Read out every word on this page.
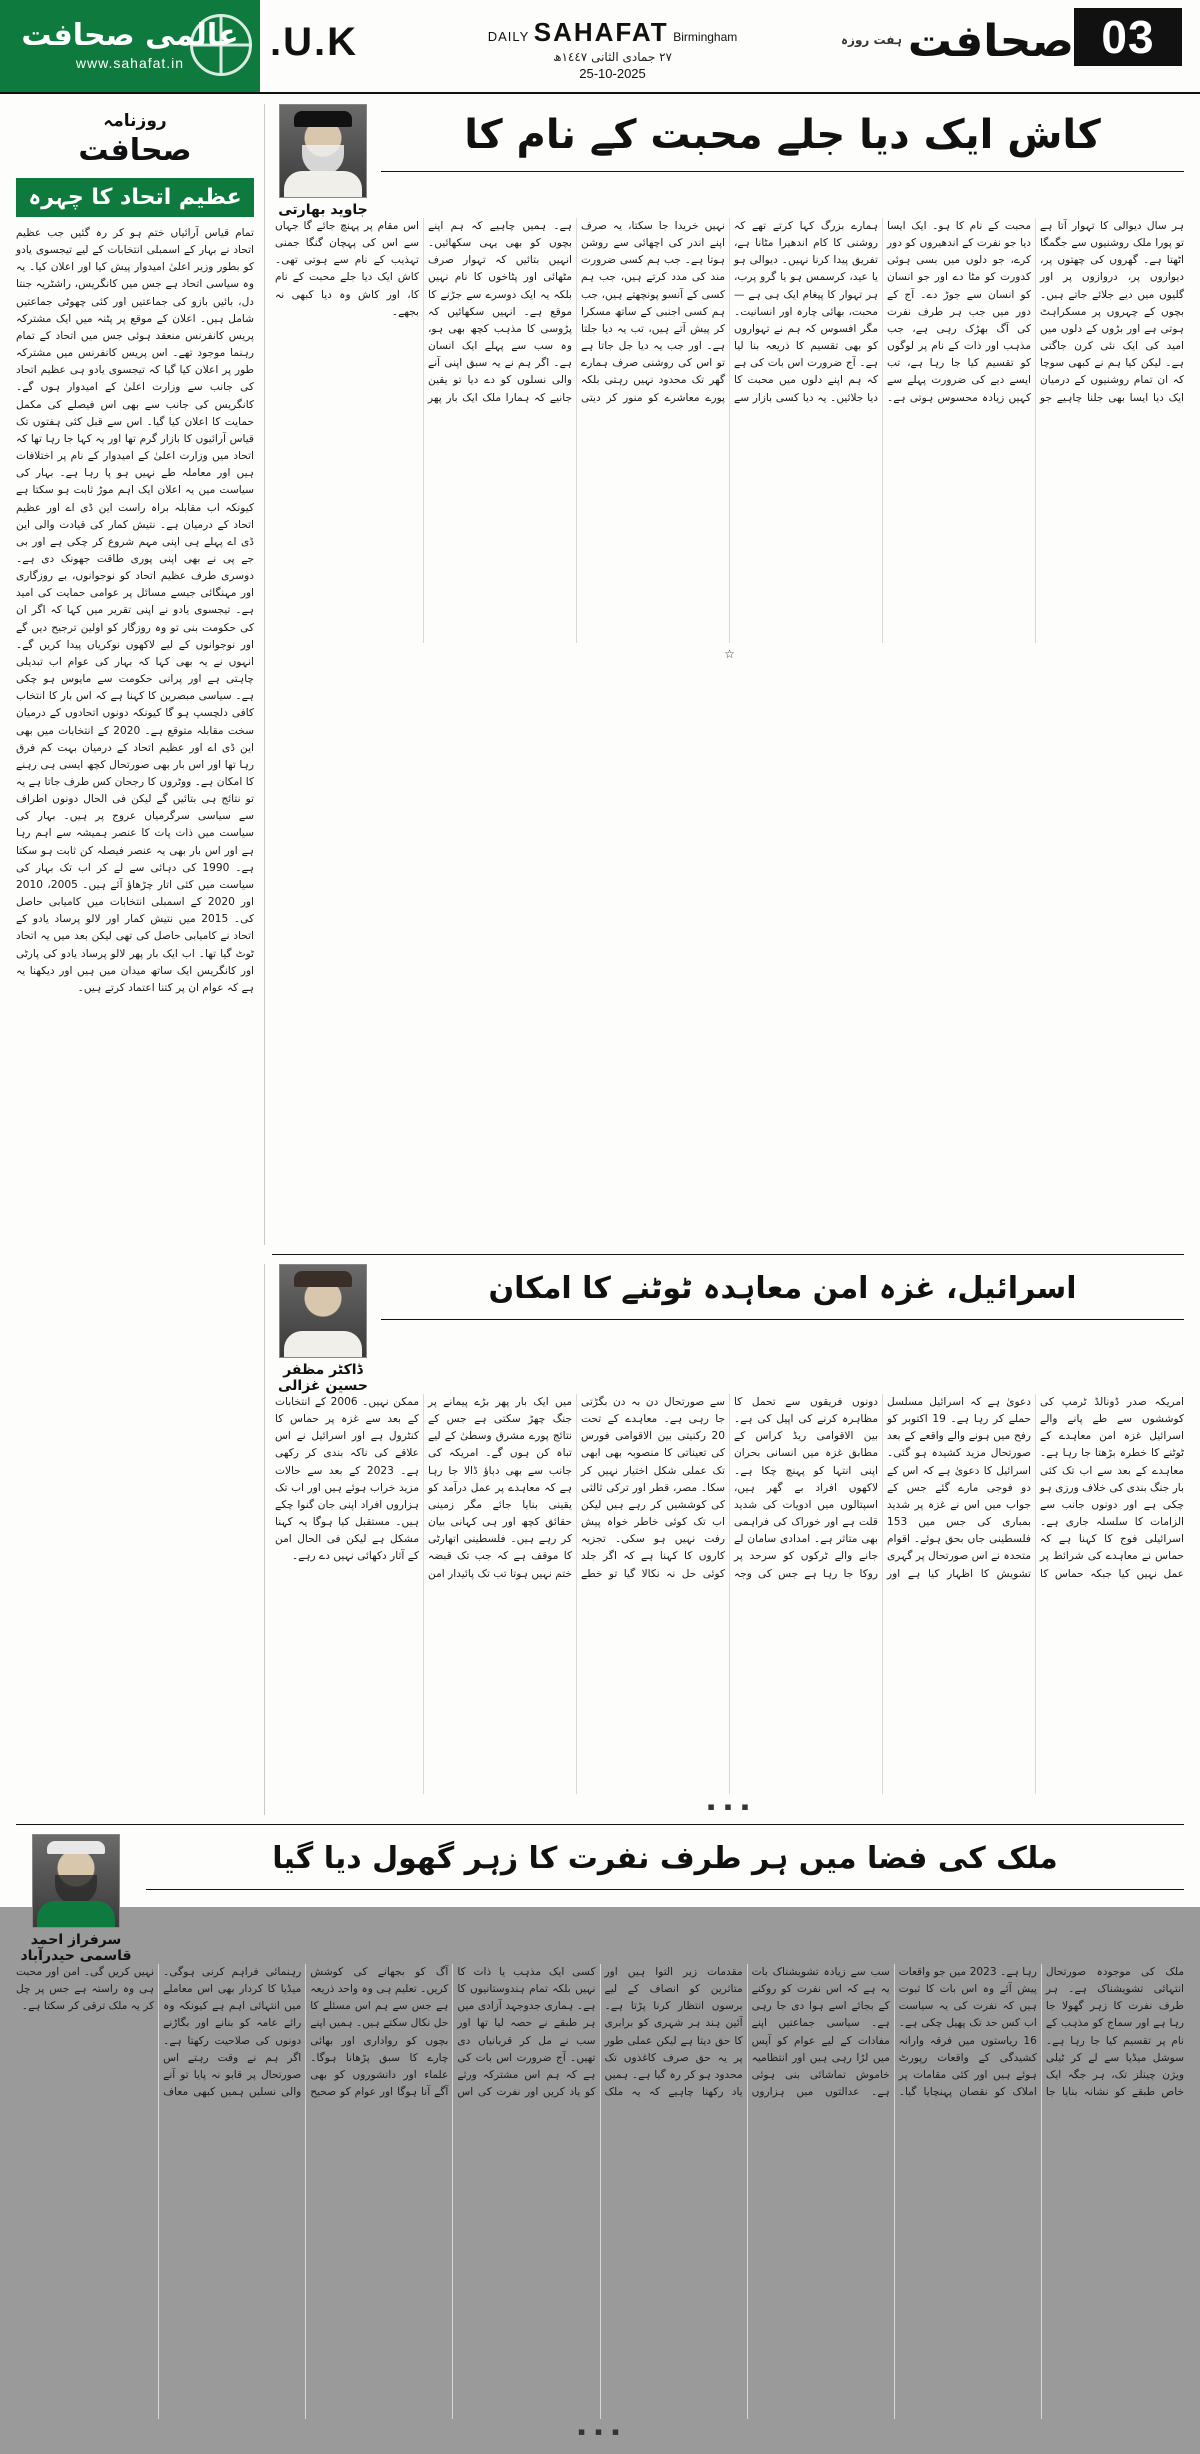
03
صحافت
ہفت روزہ
DAILY SAHAFAT Birmingham
٢٧ جمادی الثانی ١٤٤٧ھ
25-10-2025
U.K.
عالمی صحافت
www.sahafat.in
کاش ایک دیا جلے محبت کے نام کا
جاوید بھارتی
ہر سال دیوالی کا تہوار آتا ہے تو پورا ملک روشنیوں سے جگمگا اٹھتا ہے۔ گھروں کی چھتوں پر، دیواروں پر، دروازوں پر اور گلیوں میں دیے جلائے جاتے ہیں۔ بچوں کے چہروں پر مسکراہٹ ہوتی ہے اور بڑوں کے دلوں میں امید کی ایک نئی کرن جاگتی ہے۔ لیکن کیا ہم نے کبھی سوچا کہ ان تمام روشنیوں کے درمیان ایک دیا ایسا بھی جلنا چاہیے جو محبت کے نام کا ہو۔ ایک ایسا دیا جو نفرت کے اندھیروں کو دور کرے، جو دلوں میں بسی ہوئی کدورت کو مٹا دے اور جو انسان کو انسان سے جوڑ دے۔ آج کے دور میں جب ہر طرف نفرت کی آگ بھڑک رہی ہے، جب مذہب اور ذات کے نام پر لوگوں کو تقسیم کیا جا رہا ہے، تب ایسے دیے کی ضرورت پہلے سے کہیں زیادہ محسوس ہوتی ہے۔ ہمارے بزرگ کہا کرتے تھے کہ روشنی کا کام اندھیرا مٹانا ہے، تفریق پیدا کرنا نہیں۔ دیوالی ہو یا عید، کرسمس ہو یا گرو پرب، ہر تہوار کا پیغام ایک ہی ہے — محبت، بھائی چارہ اور انسانیت۔ مگر افسوس کہ ہم نے تہواروں کو بھی تقسیم کا ذریعہ بنا لیا ہے۔ آج ضرورت اس بات کی ہے کہ ہم اپنے دلوں میں محبت کا دیا جلائیں۔ یہ دیا کسی بازار سے نہیں خریدا جا سکتا، یہ صرف اپنے اندر کی اچھائی سے روشن ہوتا ہے۔ جب ہم کسی ضرورت مند کی مدد کرتے ہیں، جب ہم کسی کے آنسو پونچھتے ہیں، جب ہم کسی اجنبی کے ساتھ مسکرا کر پیش آتے ہیں، تب یہ دیا جلتا ہے۔ اور جب یہ دیا جل جاتا ہے تو اس کی روشنی صرف ہمارے گھر تک محدود نہیں رہتی بلکہ پورے معاشرے کو منور کر دیتی ہے۔ ہمیں چاہیے کہ ہم اپنے بچوں کو بھی یہی سکھائیں۔ انہیں بتائیں کہ تہوار صرف مٹھائی اور پٹاخوں کا نام نہیں بلکہ یہ ایک دوسرے سے جڑنے کا موقع ہے۔ انہیں سکھائیں کہ پڑوسی کا مذہب کچھ بھی ہو، وہ سب سے پہلے ایک انسان ہے۔ اگر ہم نے یہ سبق اپنی آنے والی نسلوں کو دے دیا تو یقین جانیے کہ ہمارا ملک ایک بار پھر اس مقام پر پہنچ جائے گا جہاں سے اس کی پہچان گنگا جمنی تہذیب کے نام سے ہوتی تھی۔ کاش ایک دیا جلے محبت کے نام کا، اور کاش وہ دیا کبھی نہ بجھے۔
☆
روزنامہ
صحافت
عظیم اتحاد کا چہرہ
تمام قیاس آرائیاں ختم ہو کر رہ گئیں جب عظیم اتحاد نے بہار کے اسمبلی انتخابات کے لیے تیجسوی یادو کو بطور وزیر اعلیٰ امیدوار پیش کیا اور اعلان کیا۔ یہ وہ سیاسی اتحاد ہے جس میں کانگریس، راشٹریہ جنتا دل، بائیں بازو کی جماعتیں اور کئی چھوٹی جماعتیں شامل ہیں۔ اعلان کے موقع پر پٹنہ میں ایک مشترکہ پریس کانفرنس منعقد ہوئی جس میں اتحاد کے تمام رہنما موجود تھے۔ اس پریس کانفرنس میں مشترکہ طور پر اعلان کیا گیا کہ تیجسوی یادو ہی عظیم اتحاد کی جانب سے وزارت اعلیٰ کے امیدوار ہوں گے۔ کانگریس کی جانب سے بھی اس فیصلے کی مکمل حمایت کا اعلان کیا گیا۔ اس سے قبل کئی ہفتوں تک قیاس آرائیوں کا بازار گرم تھا اور یہ کہا جا رہا تھا کہ اتحاد میں وزارت اعلیٰ کے امیدوار کے نام پر اختلافات ہیں اور معاملہ طے نہیں ہو پا رہا ہے۔ بہار کی سیاست میں یہ اعلان ایک اہم موڑ ثابت ہو سکتا ہے کیونکہ اب مقابلہ براہ راست این ڈی اے اور عظیم اتحاد کے درمیان ہے۔ نتیش کمار کی قیادت والی این ڈی اے پہلے ہی اپنی مہم شروع کر چکی ہے اور بی جے پی نے بھی اپنی پوری طاقت جھونک دی ہے۔ دوسری طرف عظیم اتحاد کو نوجوانوں، بے روزگاری اور مہنگائی جیسے مسائل پر عوامی حمایت کی امید ہے۔ تیجسوی یادو نے اپنی تقریر میں کہا کہ اگر ان کی حکومت بنی تو وہ روزگار کو اولین ترجیح دیں گے اور نوجوانوں کے لیے لاکھوں نوکریاں پیدا کریں گے۔ انہوں نے یہ بھی کہا کہ بہار کی عوام اب تبدیلی چاہتی ہے اور پرانی حکومت سے مایوس ہو چکی ہے۔ سیاسی مبصرین کا کہنا ہے کہ اس بار کا انتخاب کافی دلچسپ ہو گا کیونکہ دونوں اتحادوں کے درمیان سخت مقابلہ متوقع ہے۔ 2020 کے انتخابات میں بھی این ڈی اے اور عظیم اتحاد کے درمیان بہت کم فرق رہا تھا اور اس بار بھی صورتحال کچھ ایسی ہی رہنے کا امکان ہے۔ ووٹروں کا رجحان کس طرف جاتا ہے یہ تو نتائج ہی بتائیں گے لیکن فی الحال دونوں اطراف سے سیاسی سرگرمیاں عروج پر ہیں۔ بہار کی سیاست میں ذات پات کا عنصر ہمیشہ سے اہم رہا ہے اور اس بار بھی یہ عنصر فیصلہ کن ثابت ہو سکتا ہے۔ 1990 کی دہائی سے لے کر اب تک بہار کی سیاست میں کئی اتار چڑھاؤ آئے ہیں۔ 2005، 2010 اور 2020 کے اسمبلی انتخابات میں کامیابی حاصل کی۔ 2015 میں نتیش کمار اور لالو پرساد یادو کے اتحاد نے کامیابی حاصل کی تھی لیکن بعد میں یہ اتحاد ٹوٹ گیا تھا۔ اب ایک بار پھر لالو پرساد یادو کی پارٹی اور کانگریس ایک ساتھ میدان میں ہیں اور دیکھنا یہ ہے کہ عوام ان پر کتنا اعتماد کرتے ہیں۔
اسرائیل، غزہ امن معاہدہ ٹوٹنے کا امکان
ڈاکٹر مظفر حسین غزالی
امریکہ صدر ڈونالڈ ٹرمپ کی کوششوں سے طے پانے والے اسرائیل غزہ امن معاہدے کے ٹوٹنے کا خطرہ بڑھتا جا رہا ہے۔ معاہدے کے بعد سے اب تک کئی بار جنگ بندی کی خلاف ورزی ہو چکی ہے اور دونوں جانب سے الزامات کا سلسلہ جاری ہے۔ اسرائیلی فوج کا کہنا ہے کہ حماس نے معاہدے کی شرائط پر عمل نہیں کیا جبکہ حماس کا دعویٰ ہے کہ اسرائیل مسلسل حملے کر رہا ہے۔ 19 اکتوبر کو رفح میں ہونے والے واقعے کے بعد صورتحال مزید کشیدہ ہو گئی۔ اسرائیل کا دعویٰ ہے کہ اس کے دو فوجی مارے گئے جس کے جواب میں اس نے غزہ پر شدید بمباری کی جس میں 153 فلسطینی جاں بحق ہوئے۔ اقوام متحدہ نے اس صورتحال پر گہری تشویش کا اظہار کیا ہے اور دونوں فریقوں سے تحمل کا مظاہرہ کرنے کی اپیل کی ہے۔ بین الاقوامی ریڈ کراس کے مطابق غزہ میں انسانی بحران اپنی انتہا کو پہنچ چکا ہے۔ لاکھوں افراد بے گھر ہیں، اسپتالوں میں ادویات کی شدید قلت ہے اور خوراک کی فراہمی بھی متاثر ہے۔ امدادی سامان لے جانے والے ٹرکوں کو سرحد پر روکا جا رہا ہے جس کی وجہ سے صورتحال دن بہ دن بگڑتی جا رہی ہے۔ معاہدے کے تحت 20 رکنیتی بین الاقوامی فورس کی تعیناتی کا منصوبہ بھی ابھی تک عملی شکل اختیار نہیں کر سکا۔ مصر، قطر اور ترکی ثالثی کی کوششیں کر رہے ہیں لیکن اب تک کوئی خاطر خواہ پیش رفت نہیں ہو سکی۔ تجزیہ کاروں کا کہنا ہے کہ اگر جلد کوئی حل نہ نکالا گیا تو خطے میں ایک بار پھر بڑے پیمانے پر جنگ چھڑ سکتی ہے جس کے نتائج پورے مشرق وسطیٰ کے لیے تباہ کن ہوں گے۔ امریکہ کی جانب سے بھی دباؤ ڈالا جا رہا ہے کہ معاہدے پر عمل درآمد کو یقینی بنایا جائے مگر زمینی حقائق کچھ اور ہی کہانی بیان کر رہے ہیں۔ فلسطینی اتھارٹی کا موقف ہے کہ جب تک قبضہ ختم نہیں ہوتا تب تک پائیدار امن ممکن نہیں۔ 2006 کے انتخابات کے بعد سے غزہ پر حماس کا کنٹرول ہے اور اسرائیل نے اس علاقے کی ناکہ بندی کر رکھی ہے۔ 2023 کے بعد سے حالات مزید خراب ہوئے ہیں اور اب تک ہزاروں افراد اپنی جان گنوا چکے ہیں۔ مستقبل کیا ہوگا یہ کہنا مشکل ہے لیکن فی الحال امن کے آثار دکھائی نہیں دے رہے۔
▪ ▪ ▪
ملک کی فضا میں ہر طرف نفرت کا زہر گھول دیا گیا
سرفراز احمد قاسمی حیدرآباد
ملک کی موجودہ صورتحال انتہائی تشویشناک ہے۔ ہر طرف نفرت کا زہر گھولا جا رہا ہے اور سماج کو مذہب کے نام پر تقسیم کیا جا رہا ہے۔ سوشل میڈیا سے لے کر ٹیلی ویژن چینلز تک، ہر جگہ ایک خاص طبقے کو نشانہ بنایا جا رہا ہے۔ 2023 میں جو واقعات پیش آئے وہ اس بات کا ثبوت ہیں کہ نفرت کی یہ سیاست اب کس حد تک پھیل چکی ہے۔ 16 ریاستوں میں فرقہ وارانہ کشیدگی کے واقعات رپورٹ ہوئے ہیں اور کئی مقامات پر املاک کو نقصان پہنچایا گیا۔ سب سے زیادہ تشویشناک بات یہ ہے کہ اس نفرت کو روکنے کے بجائے اسے ہوا دی جا رہی ہے۔ سیاسی جماعتیں اپنے مفادات کے لیے عوام کو آپس میں لڑا رہی ہیں اور انتظامیہ خاموش تماشائی بنی ہوئی ہے۔ عدالتوں میں ہزاروں مقدمات زیر التوا ہیں اور متاثرین کو انصاف کے لیے برسوں انتظار کرنا پڑتا ہے۔ آئین ہند ہر شہری کو برابری کا حق دیتا ہے لیکن عملی طور پر یہ حق صرف کاغذوں تک محدود ہو کر رہ گیا ہے۔ ہمیں یاد رکھنا چاہیے کہ یہ ملک کسی ایک مذہب یا ذات کا نہیں بلکہ تمام ہندوستانیوں کا ہے۔ ہماری جدوجہد آزادی میں ہر طبقے نے حصہ لیا تھا اور سب نے مل کر قربانیاں دی تھیں۔ آج ضرورت اس بات کی ہے کہ ہم اس مشترکہ ورثے کو یاد کریں اور نفرت کی اس آگ کو بجھانے کی کوشش کریں۔ تعلیم ہی وہ واحد ذریعہ ہے جس سے ہم اس مسئلے کا حل نکال سکتے ہیں۔ ہمیں اپنے بچوں کو رواداری اور بھائی چارے کا سبق پڑھانا ہوگا۔ علماء اور دانشوروں کو بھی آگے آنا ہوگا اور عوام کو صحیح رہنمائی فراہم کرنی ہوگی۔ میڈیا کا کردار بھی اس معاملے میں انتہائی اہم ہے کیونکہ وہ رائے عامہ کو بنانے اور بگاڑنے دونوں کی صلاحیت رکھتا ہے۔ اگر ہم نے وقت رہتے اس صورتحال پر قابو نہ پایا تو آنے والی نسلیں ہمیں کبھی معاف نہیں کریں گی۔ امن اور محبت ہی وہ راستہ ہے جس پر چل کر یہ ملک ترقی کر سکتا ہے۔
▪ ▪ ▪
